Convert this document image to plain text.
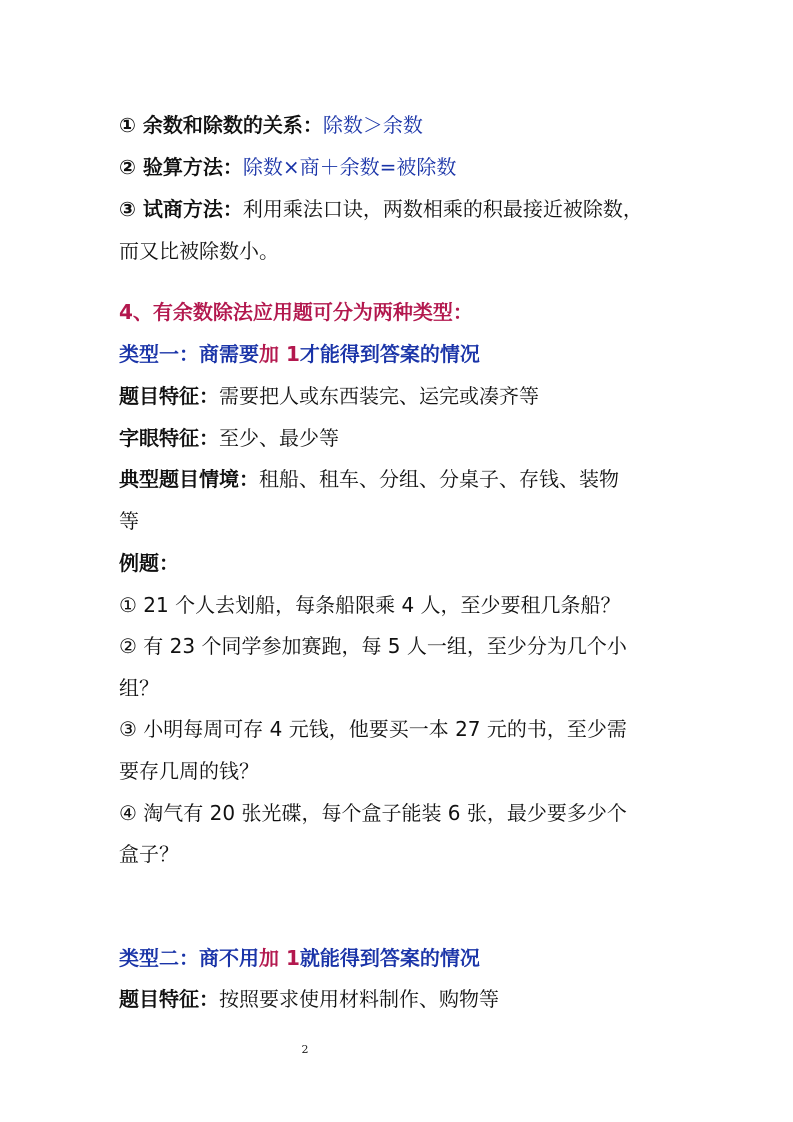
① 余数和除数的关系：除数＞余数
② 验算方法：除数×商＋余数=被除数
③ 试商方法：利用乘法口诀，两数相乘的积最接近被除数，
而又比被除数小。
4、有余数除法应用题可分为两种类型：
类型一：商需要加 1才能得到答案的情况
题目特征：需要把人或东西装完、运完或凑齐等
字眼特征：至少、最少等
典型题目情境：租船、租车、分组、分桌子、存钱、装物
等
例题：
① 21 个人去划船，每条船限乘 4 人，至少要租几条船？
② 有 23 个同学参加赛跑，每 5 人一组，至少分为几个小
组？
③ 小明每周可存 4 元钱，他要买一本 27 元的书，至少需
要存几周的钱？
④ 淘气有 20 张光碟，每个盒子能装 6 张，最少要多少个
盒子？
类型二：商不用加 1就能得到答案的情况
题目特征：按照要求使用材料制作、购物等
2
